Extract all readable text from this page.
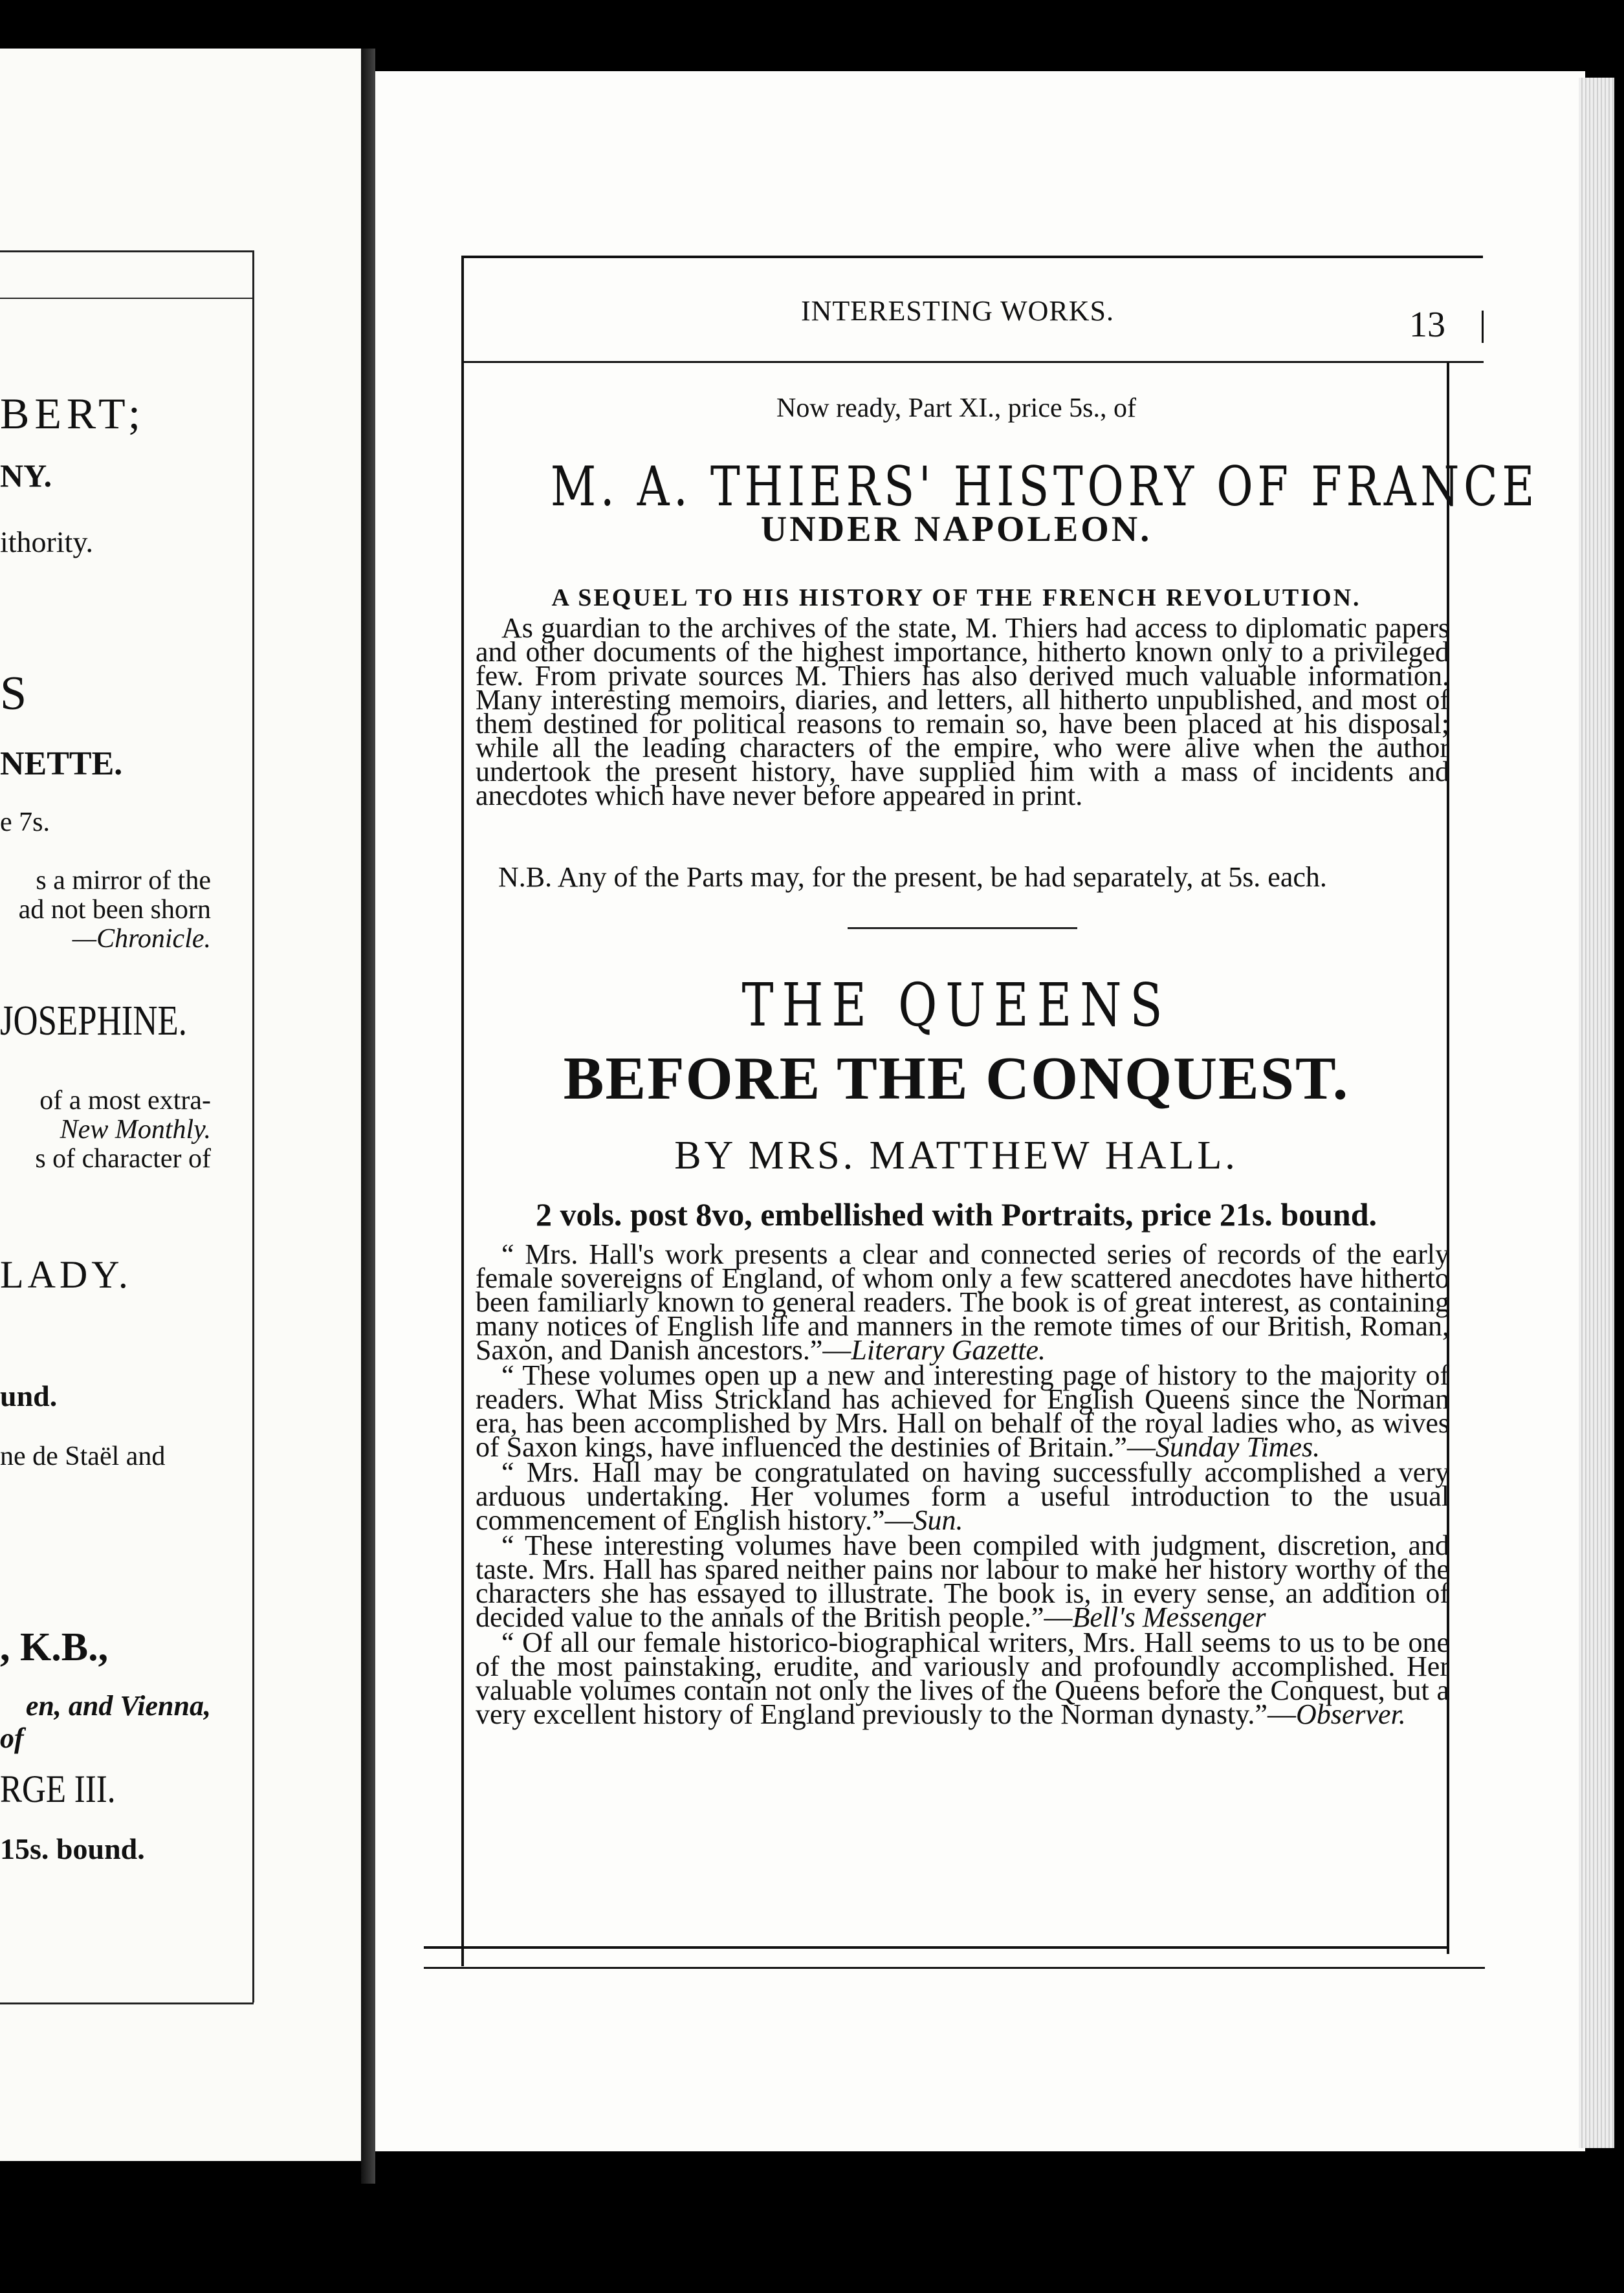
BERT;
NY.
ithority.
S
NETTE.
e 7s.
s a mirror of the
ad not been shorn
—Chronicle.
JOSEPHINE.
of a most extra-
New Monthly.
s of character of
LADY.
und.
ne de Staël and
, K.B.,
en, and Vienna,
of
RGE III.
15s. bound.
INTERESTING WORKS.	13
Now ready, Part XI., price 5s., of
M. A. THIERS' HISTORY OF FRANCE
UNDER NAPOLEON.
A SEQUEL TO HIS HISTORY OF THE FRENCH REVOLUTION.

As guardian to the archives of the state, M. Thiers had access to diplomatic papers and other documents of the highest importance, hitherto known only to a privileged few. From private sources M. Thiers has also derived much valuable information. Many interesting memoirs, diaries, and letters, all hitherto unpublished, and most of them destined for political reasons to remain so, have been placed at his disposal; while all the leading characters of the empire, who were alive when the author undertook the present history, have supplied him with a mass of incidents and anecdotes which have never before appeared in print.

N.B. Any of the Parts may, for the present, be had separately, at 5s. each.
THE QUEENS
BEFORE THE CONQUEST.
BY MRS. MATTHEW HALL.
2 vols. post 8vo, embellished with Portraits, price 21s. bound.

“ Mrs. Hall's work presents a clear and connected series of records of the early female sovereigns of England, of whom only a few scattered anecdotes have hitherto been familiarly known to general readers. The book is of great interest, as containing many notices of English life and manners in the remote times of our British, Roman, Saxon, and Danish ancestors.”—Literary Gazette.

“ These volumes open up a new and interesting page of history to the majority of readers. What Miss Strickland has achieved for English Queens since the Norman era, has been accomplished by Mrs. Hall on behalf of the royal ladies who, as wives of Saxon kings, have influenced the destinies of Britain.”—Sunday Times.

“ Mrs. Hall may be congratulated on having successfully accomplished a very arduous undertaking. Her volumes form a useful introduction to the usual commencement of English history.”—Sun.

“ These interesting volumes have been compiled with judgment, discretion, and taste. Mrs. Hall has spared neither pains nor labour to make her history worthy of the characters she has essayed to illustrate. The book is, in every sense, an addition of decided value to the annals of the British people.”—Bell's Messenger

“ Of all our female historico-biographical writers, Mrs. Hall seems to us to be one of the most painstaking, erudite, and variously and profoundly accomplished. Her valuable volumes contain not only the lives of the Queens before the Conquest, but a very excellent history of England previously to the Norman dynasty.”—Observer.
